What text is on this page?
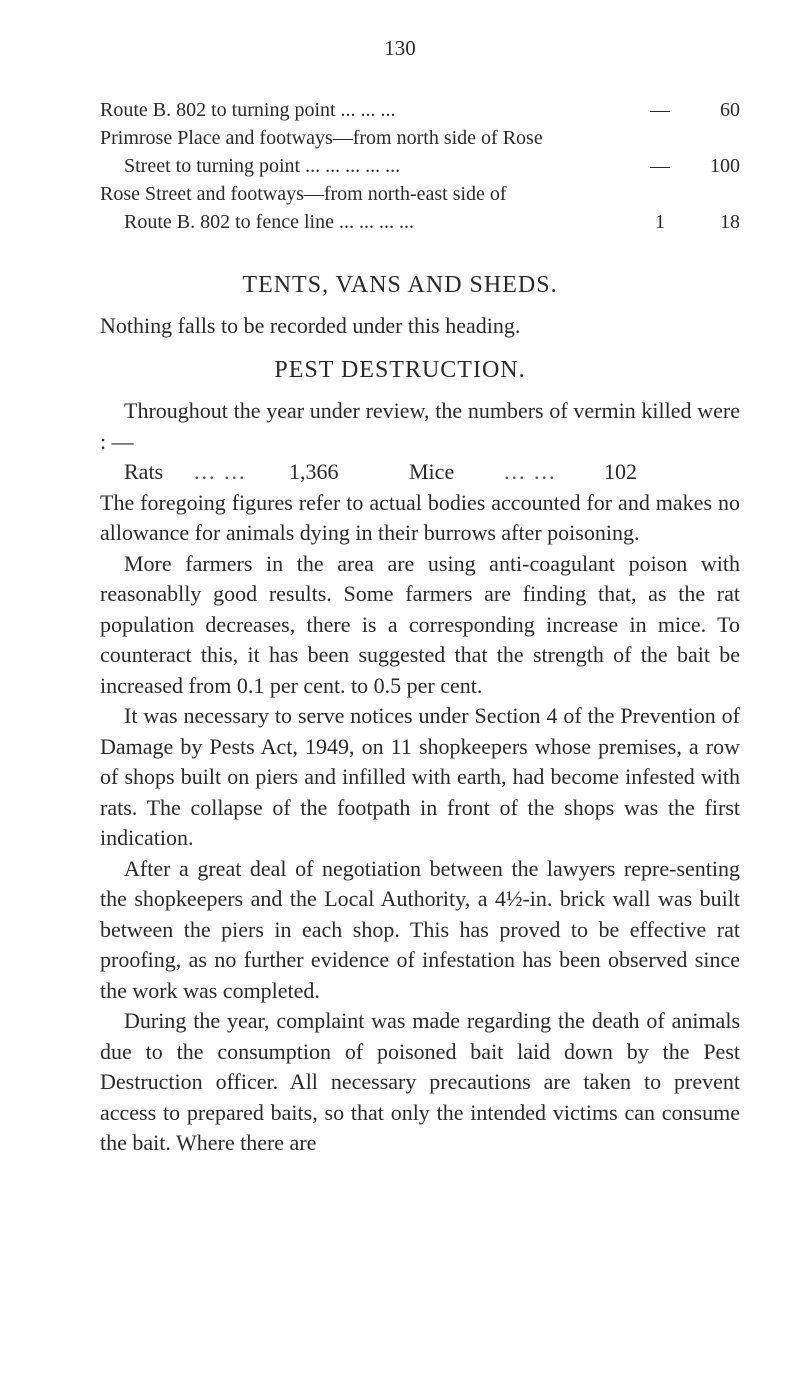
130
Route B. 802 to turning point ... ... ...	—	60
Primrose Place and footways—from north side of Rose
Street to turning point ... ... ... ... ...	—	100
Rose Street and footways—from north-east side of
Route B. 802 to fence line ... ... ... ...	1	18
TENTS, VANS AND SHEDS.

Nothing falls to be recorded under this heading.

PEST DESTRUCTION.

Throughout the year under review, the numbers of vermin killed were : —

Rats	... ...	1,366	Mice	... ...	102

The foregoing figures refer to actual bodies accounted for and makes no allowance for animals dying in their burrows after poisoning.

More farmers in the area are using anti-coagulant poison with reasonablly good results. Some farmers are finding that, as the rat population decreases, there is a corresponding increase in mice. To counteract this, it has been suggested that the strength of the bait be increased from 0.1 per cent. to 0.5 per cent.

It was necessary to serve notices under Section 4 of the Prevention of Damage by Pests Act, 1949, on 11 shopkeepers whose premises, a row of shops built on piers and infilled with earth, had become infested with rats. The collapse of the footpath in front of the shops was the first indication.

After a great deal of negotiation between the lawyers repre-senting the shopkeepers and the Local Authority, a 4½-in. brick wall was built between the piers in each shop. This has proved to be effective rat proofing, as no further evidence of infestation has been observed since the work was completed.

During the year, complaint was made regarding the death of animals due to the consumption of poisoned bait laid down by the Pest Destruction officer. All necessary precautions are taken to prevent access to prepared baits, so that only the intended victims can consume the bait. Where there are
